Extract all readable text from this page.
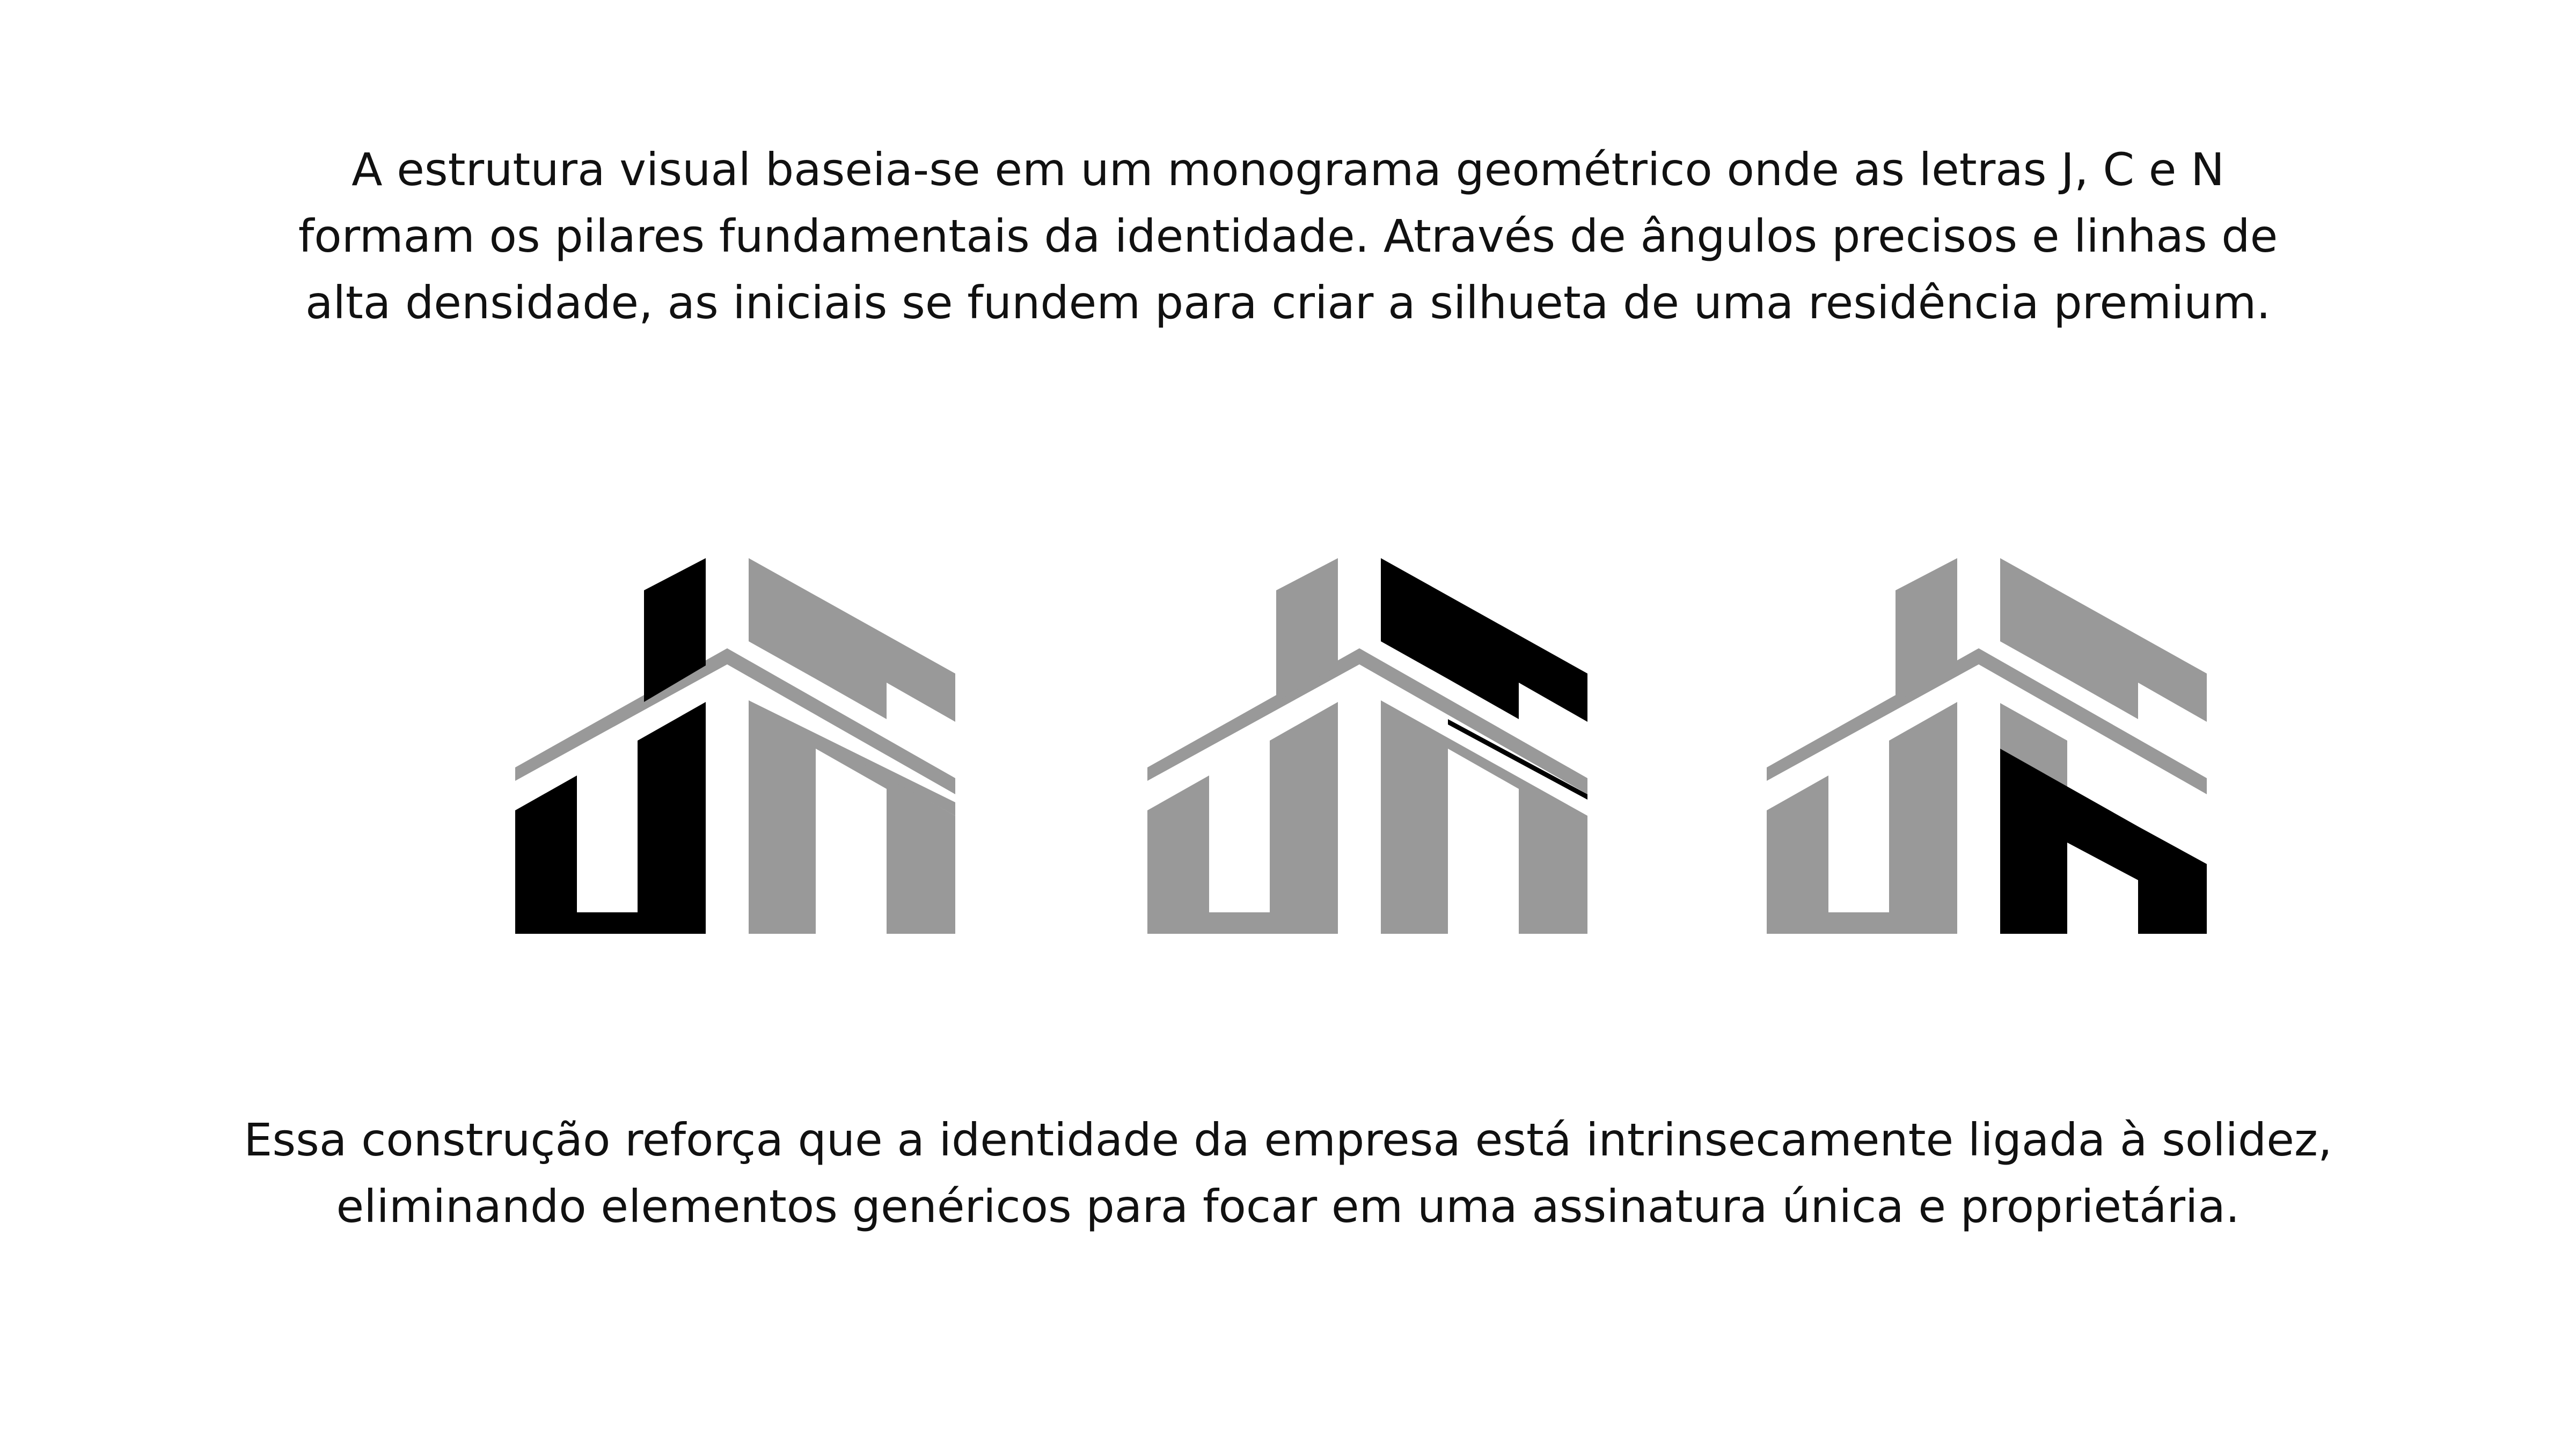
A estrutura visual baseia-se em um monograma geométrico onde as letras J, C e N
formam os pilares fundamentais da identidade. Através de ângulos precisos e linhas de
alta densidade, as iniciais se fundem para criar a silhueta de uma residência premium.
Essa construção reforça que a identidade da empresa está intrinsecamente ligada à solidez,
eliminando elementos genéricos para focar em uma assinatura única e proprietária.
